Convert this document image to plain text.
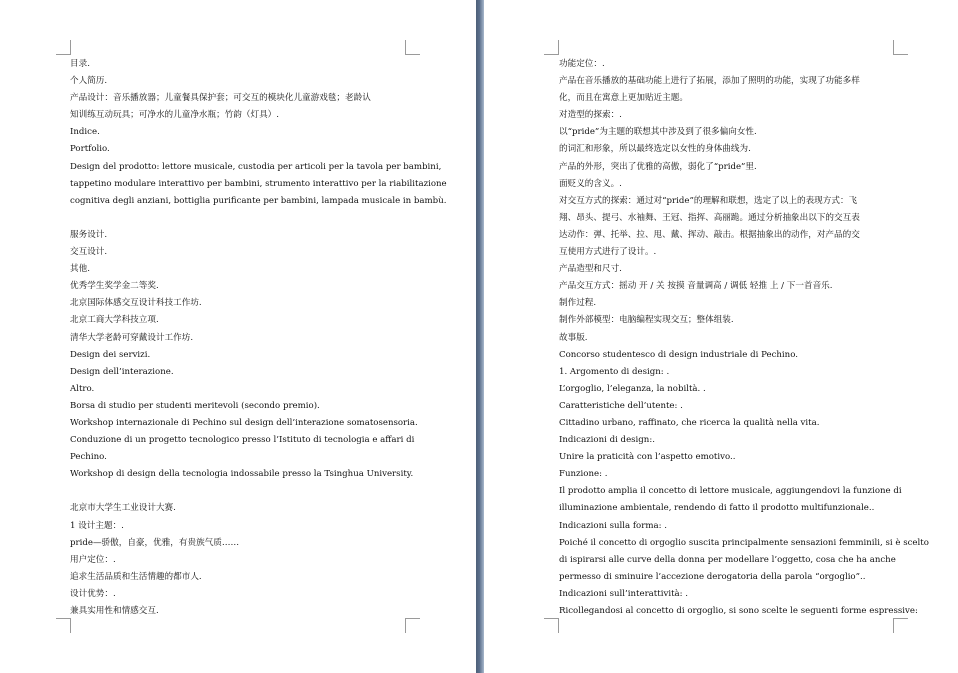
目录.
个人简历.
产品设计：音乐播放器；儿童餐具保护套；可交互的模块化儿童游戏毯；老龄认
知训练互动玩具；可净水的儿童净水瓶；竹韵（灯具）.
Indice.
Portfolio.
Design del prodotto: lettore musicale, custodia per articoli per la tavola per bambini,
tappetino modulare interattivo per bambini, strumento interattivo per la riabilitazione
cognitiva degli anziani, bottiglia purificante per bambini, lampada musicale in bambù.
服务设计.
交互设计.
其他.
优秀学生奖学金二等奖.
北京国际体感交互设计科技工作坊.
北京工商大学科技立项.
清华大学老龄可穿戴设计工作坊.
Design dei servizi.
Design dell’interazione.
Altro.
Borsa di studio per studenti meritevoli (secondo premio).
Workshop internazionale di Pechino sul design dell’interazione somatosensoria.
Conduzione di un progetto tecnologico presso l’Istituto di tecnologia e affari di
Pechino.
Workshop di design della tecnologia indossabile presso la Tsinghua University.
北京市大学生工业设计大赛.
1 设计主题：.
pride—骄傲，自豪，优雅，有贵族气质……
用户定位：.
追求生活品质和生活情趣的都市人.
设计优势：.
兼具实用性和情感交互.
功能定位：.
产品在音乐播放的基础功能上进行了拓展，添加了照明的功能，实现了功能多样
化，而且在寓意上更加贴近主题。
对造型的探索：.
以“pride”为主题的联想其中涉及到了很多偏向女性.
的词汇和形象，所以最终选定以女性的身体曲线为.
产品的外形，突出了优雅的高傲，弱化了“pride”里.
面贬义的含义。.
对交互方式的探索：通过对“pride”的理解和联想，选定了以上的表现方式：飞
翔、昂头、提弓、水袖舞、王冠、指挥、高丽跪。通过分析抽象出以下的交互表
达动作：弹、托举、拉、甩、戴、挥动、敲击。根据抽象出的动作，对产品的交
互使用方式进行了设计。.
产品造型和尺寸.
产品交互方式：摇动 开 / 关 按摸 音量调高 / 调低 轻推 上 / 下一首音乐.
制作过程.
制作外部模型：电脑编程实现交互；整体组装.
故事版.
Concorso studentesco di design industriale di Pechino.
1. Argomento di design: .
L’orgoglio, l’eleganza, la nobiltà. .
Caratteristiche dell’utente: .
Cittadino urbano, raffinato, che ricerca la qualità nella vita.
Indicazioni di design:.
Unire la praticità con l’aspetto emotivo..
Funzione: .
Il prodotto amplia il concetto di lettore musicale, aggiungendovi la funzione di
illuminazione ambientale, rendendo di fatto il prodotto multifunzionale..
Indicazioni sulla forma: .
Poiché il concetto di orgoglio suscita principalmente sensazioni femminili, si è scelto
di ispirarsi alle curve della donna per modellare l’oggetto, cosa che ha anche
permesso di sminuire l’accezione derogatoria della parola “orgoglio”..
Indicazioni sull’interattività: .
Ricollegandosi al concetto di orgoglio, si sono scelte le seguenti forme espressive:
